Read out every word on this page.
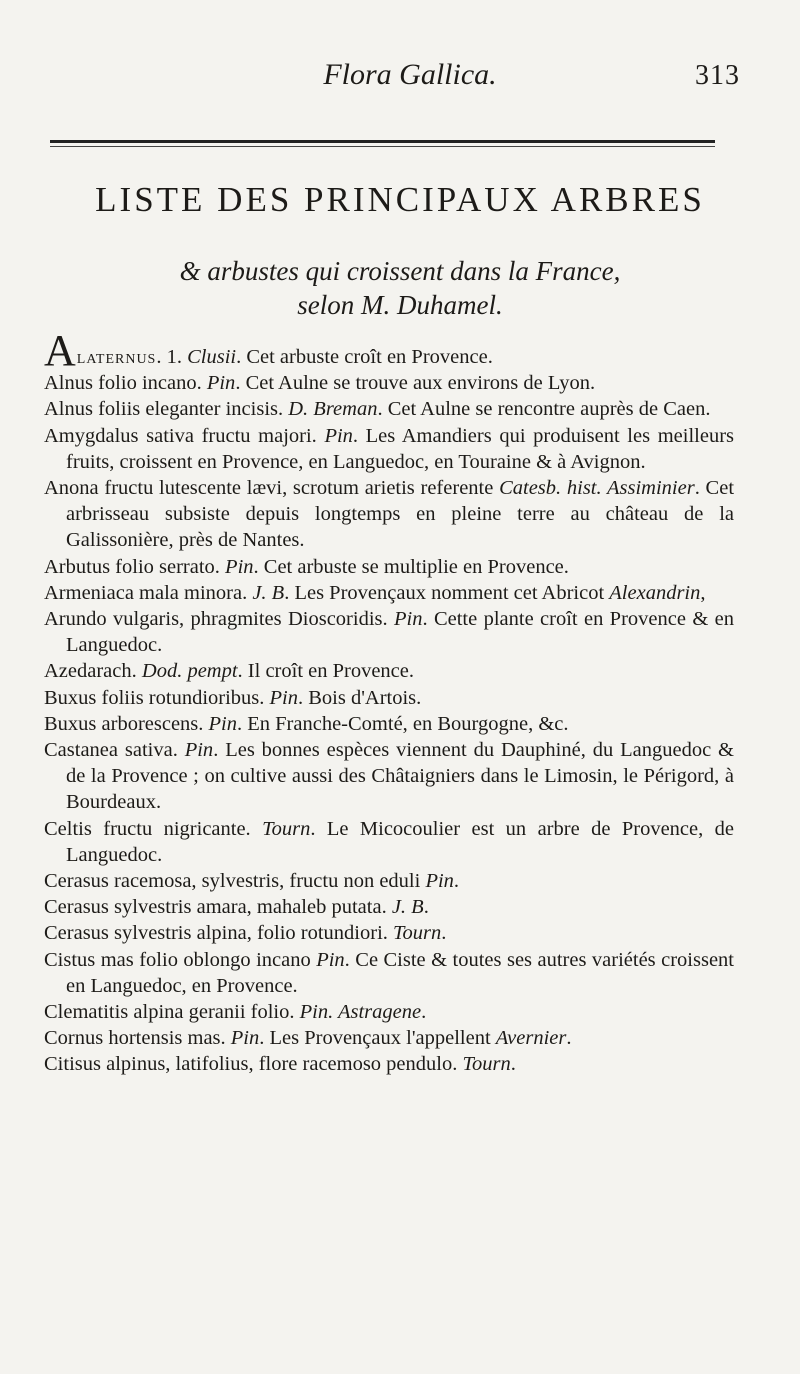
Flora Gallica.	313
LISTE DES PRINCIPAUX ARBRES
& arbustes qui croissent dans la France,
selon M. Duhamel.

Alaternus. 1. Clusii. Cet arbuste croît en Provence.

Alnus folio incano. Pin. Cet Aulne se trouve aux environs de Lyon.

Alnus foliis eleganter incisis. D. Breman. Cet Aulne se rencontre auprès de Caen.

Amygdalus sativa fructu majori. Pin. Les Amandiers qui produisent les meilleurs fruits, croissent en Provence, en Languedoc, en Touraine & à Avignon.

Anona fructu lutescente lævi, scrotum arietis referente Catesb. hist. Assiminier. Cet arbrisseau subsiste depuis longtemps en pleine terre au château de la Galissonière, près de Nantes.

Arbutus folio serrato. Pin. Cet arbuste se multiplie en Provence.

Armeniaca mala minora. J. B. Les Provençaux nomment cet Abricot Alexandrin,

Arundo vulgaris, phragmites Dioscoridis. Pin. Cette plante croît en Provence & en Languedoc.

Azedarach. Dod. pempt. Il croît en Provence.

Buxus foliis rotundioribus. Pin. Bois d'Artois.

Buxus arborescens. Pin. En Franche-Comté, en Bourgogne, &c.

Castanea sativa. Pin. Les bonnes espèces viennent du Dauphiné, du Languedoc & de la Provence ; on cultive aussi des Châtaigniers dans le Limosin, le Périgord, à Bourdeaux.

Celtis fructu nigricante. Tourn. Le Micocoulier est un arbre de Provence, de Languedoc.

Cerasus racemosa, sylvestris, fructu non eduli Pin.

Cerasus sylvestris amara, mahaleb putata. J. B.

Cerasus sylvestris alpina, folio rotundiori. Tourn.

Cistus mas folio oblongo incano Pin. Ce Ciste & toutes ses autres variétés croissent en Languedoc, en Provence.

Clematitis alpina geranii folio. Pin. Astragene.

Cornus hortensis mas. Pin. Les Provençaux l'appellent Avernier.

Citisus alpinus, latifolius, flore racemoso pendulo. Tourn.
